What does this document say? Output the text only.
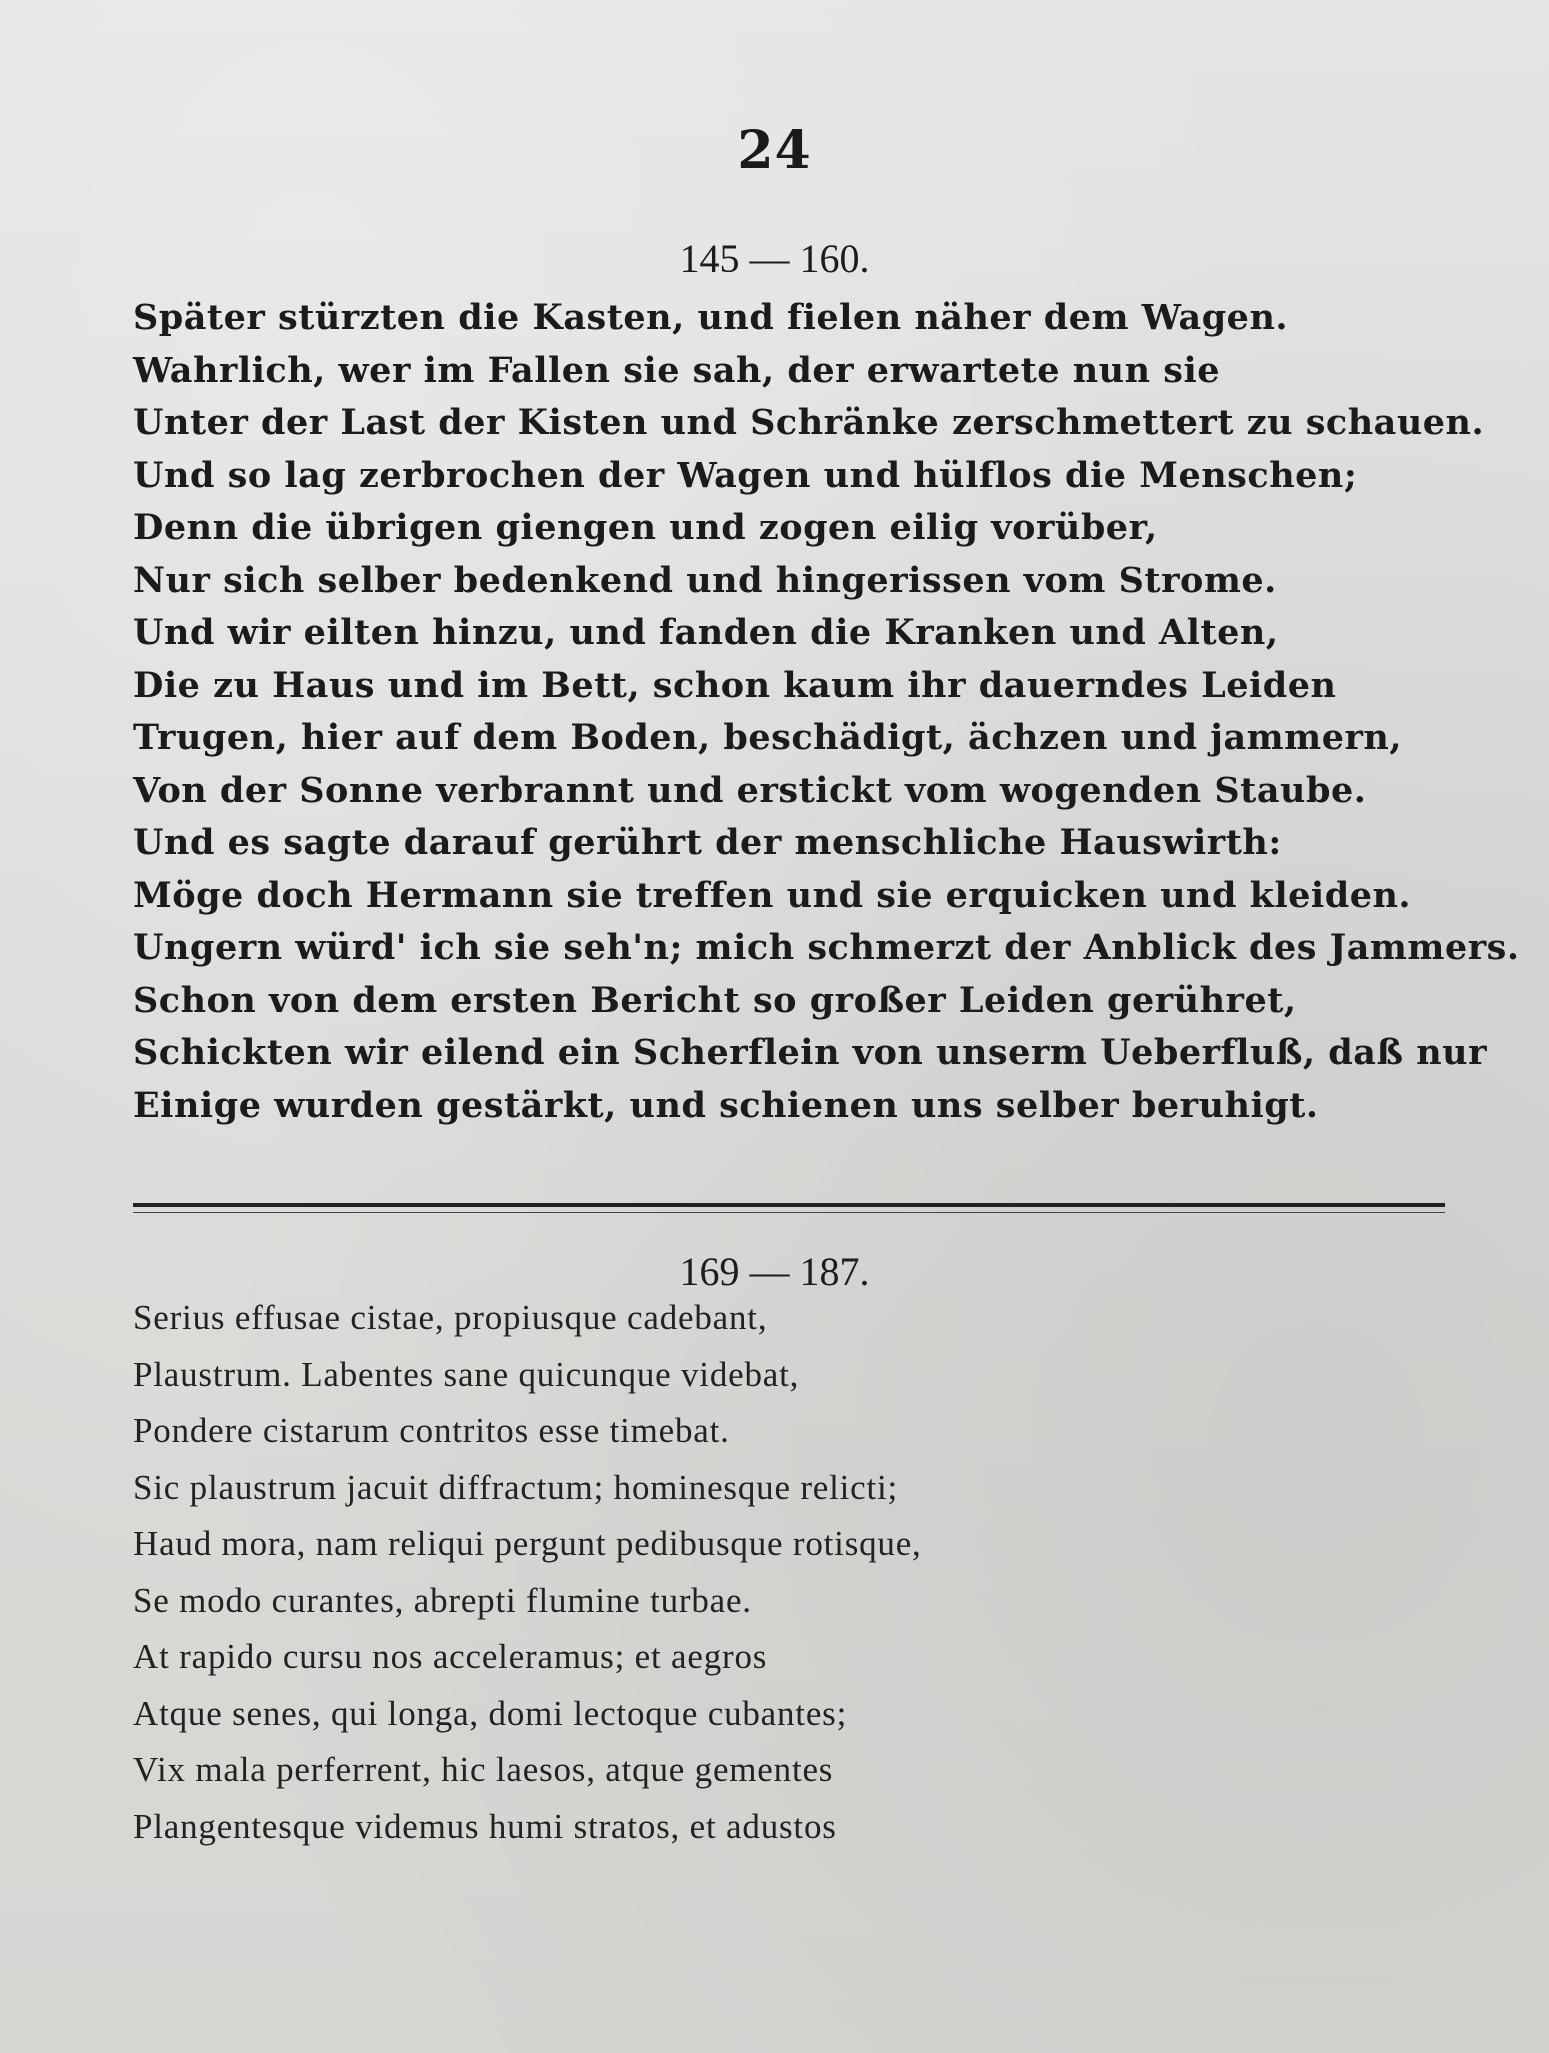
24
145 — 160.
Später stürzten die Kasten, und fielen näher dem Wagen.
Wahrlich, wer im Fallen sie sah, der erwartete nun sie
Unter der Last der Kisten und Schränke zerschmettert zu schauen.
Und so lag zerbrochen der Wagen und hülflos die Menschen;
Denn die übrigen giengen und zogen eilig vorüber,
Nur sich selber bedenkend und hingerissen vom Strome.
Und wir eilten hinzu, und fanden die Kranken und Alten,
Die zu Haus und im Bett, schon kaum ihr dauerndes Leiden
Trugen, hier auf dem Boden, beschädigt, ächzen und jammern,
Von der Sonne verbrannt und erstickt vom wogenden Staube.
Und es sagte darauf gerührt der menschliche Hauswirth:
Möge doch Hermann sie treffen und sie erquicken und kleiden.
Ungern würd' ich sie seh'n; mich schmerzt der Anblick des Jammers.
Schon von dem ersten Bericht so großer Leiden gerühret,
Schickten wir eilend ein Scherflein von unserm Ueberfluß, daß nur
Einige wurden gestärkt, und schienen uns selber beruhigt.
169 — 187.
Serius effusae cistae, propiusque cadebant,
Plaustrum. Labentes sane quicunque videbat,
Pondere cistarum contritos esse timebat.
Sic plaustrum jacuit diffractum; hominesque relicti;
Haud mora, nam reliqui pergunt pedibusque rotisque,
Se modo curantes, abrepti flumine turbae.
At rapido cursu nos acceleramus; et aegros
Atque senes, qui longa, domi lectoque cubantes;
Vix mala perferrent, hic laesos, atque gementes
Plangentesque videmus humi stratos, et adustos
